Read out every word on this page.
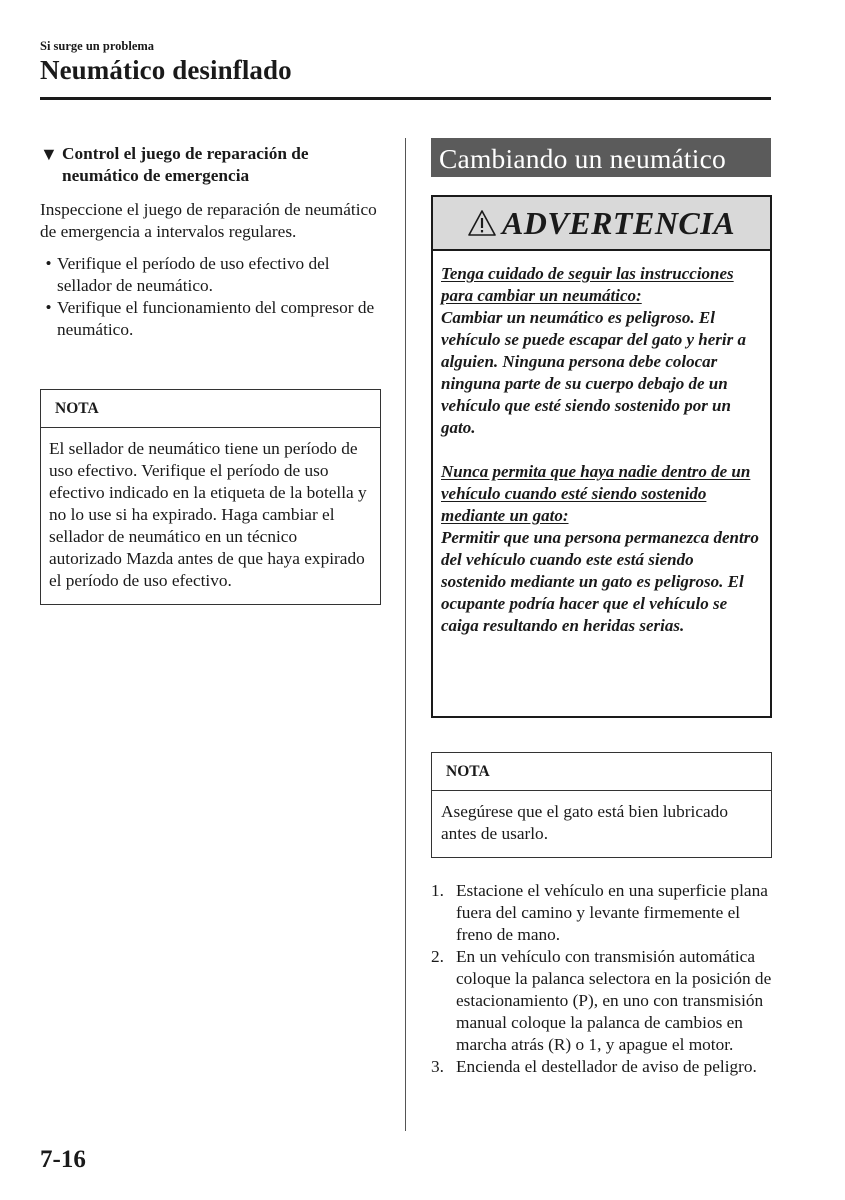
Si surge un problema
Neumático desinflado
▼ Control el juego de reparación de
neumático de emergencia
Inspeccione el juego de reparación de neumático de emergencia a intervalos regulares.
• Verifique el período de uso efectivo del sellador de neumático.
• Verifique el funcionamiento del compresor de neumático.
NOTA
El sellador de neumático tiene un período de uso efectivo. Verifique el período de uso efectivo indicado en la etiqueta de la botella y no lo use si ha expirado. Haga cambiar el sellador de neumático en un técnico autorizado Mazda antes de que haya expirado el período de uso efectivo.
Cambiando un neumático
ADVERTENCIA
Tenga cuidado de seguir las instrucciones para cambiar un neumático:
Cambiar un neumático es peligroso. El vehículo se puede escapar del gato y herir a alguien. Ninguna persona debe colocar ninguna parte de su cuerpo debajo de un vehículo que esté siendo sostenido por un gato.
Nunca permita que haya nadie dentro de un vehículo cuando esté siendo sostenido mediante un gato:
Permitir que una persona permanezca dentro del vehículo cuando este está siendo sostenido mediante un gato es peligroso. El ocupante podría hacer que el vehículo se caiga resultando en heridas serias.
NOTA
Asegúrese que el gato está bien lubricado antes de usarlo.
1. Estacione el vehículo en una superficie plana fuera del camino y levante firmemente el freno de mano.
2. En un vehículo con transmisión automática coloque la palanca selectora en la posición de estacionamiento (P), en uno con transmisión manual coloque la palanca de cambios en marcha atrás (R) o 1, y apague el motor.
3. Encienda el destellador de aviso de peligro.
7-16
